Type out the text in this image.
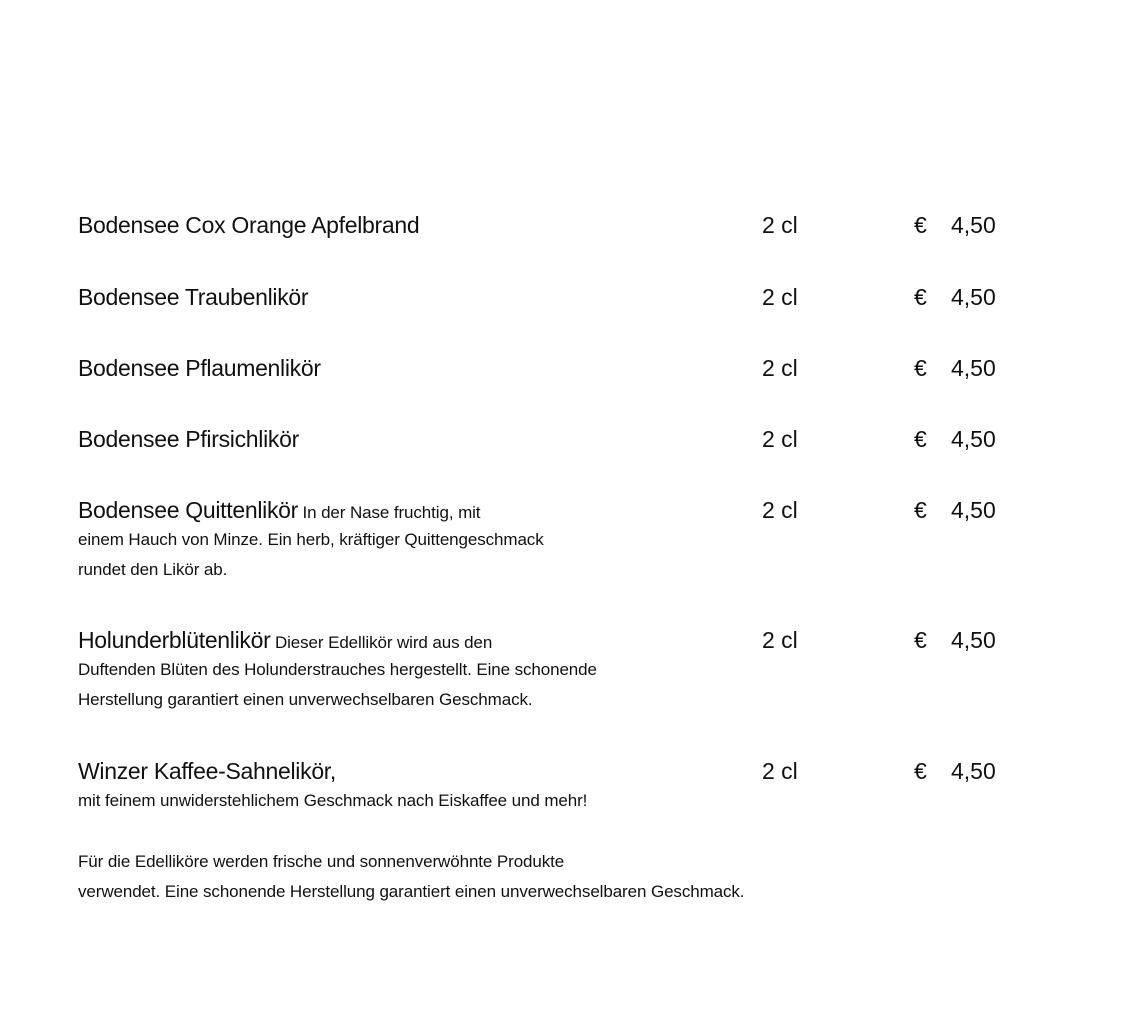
Bodensee Cox Orange Apfelbrand	2 cl	€ 4,50
Bodensee Traubenlikör	2 cl	€ 4,50
Bodensee Pflaumenlikör	2 cl	€ 4,50
Bodensee Pfirsichlikör	2 cl	€ 4,50
Bodensee Quittenlikör In der Nase fruchtig, mit
einem Hauch von Minze. Ein herb, kräftiger Quittengeschmack
rundet den Likör ab.
2 cl	€ 4,50
Holunderblütenlikör Dieser Edellikör wird aus den
Duftenden Blüten des Holunderstrauches hergestellt. Eine schonende
Herstellung garantiert einen unverwechselbaren Geschmack.
2 cl	€ 4,50
Winzer Kaffee-Sahnelikör,
mit feinem unwiderstehlichem Geschmack nach Eiskaffee und mehr!
2 cl	€ 4,50
Für die Edelliköre werden frische und sonnenverwöhnte Produkte
verwendet. Eine schonende Herstellung garantiert einen unverwechselbaren Geschmack.
